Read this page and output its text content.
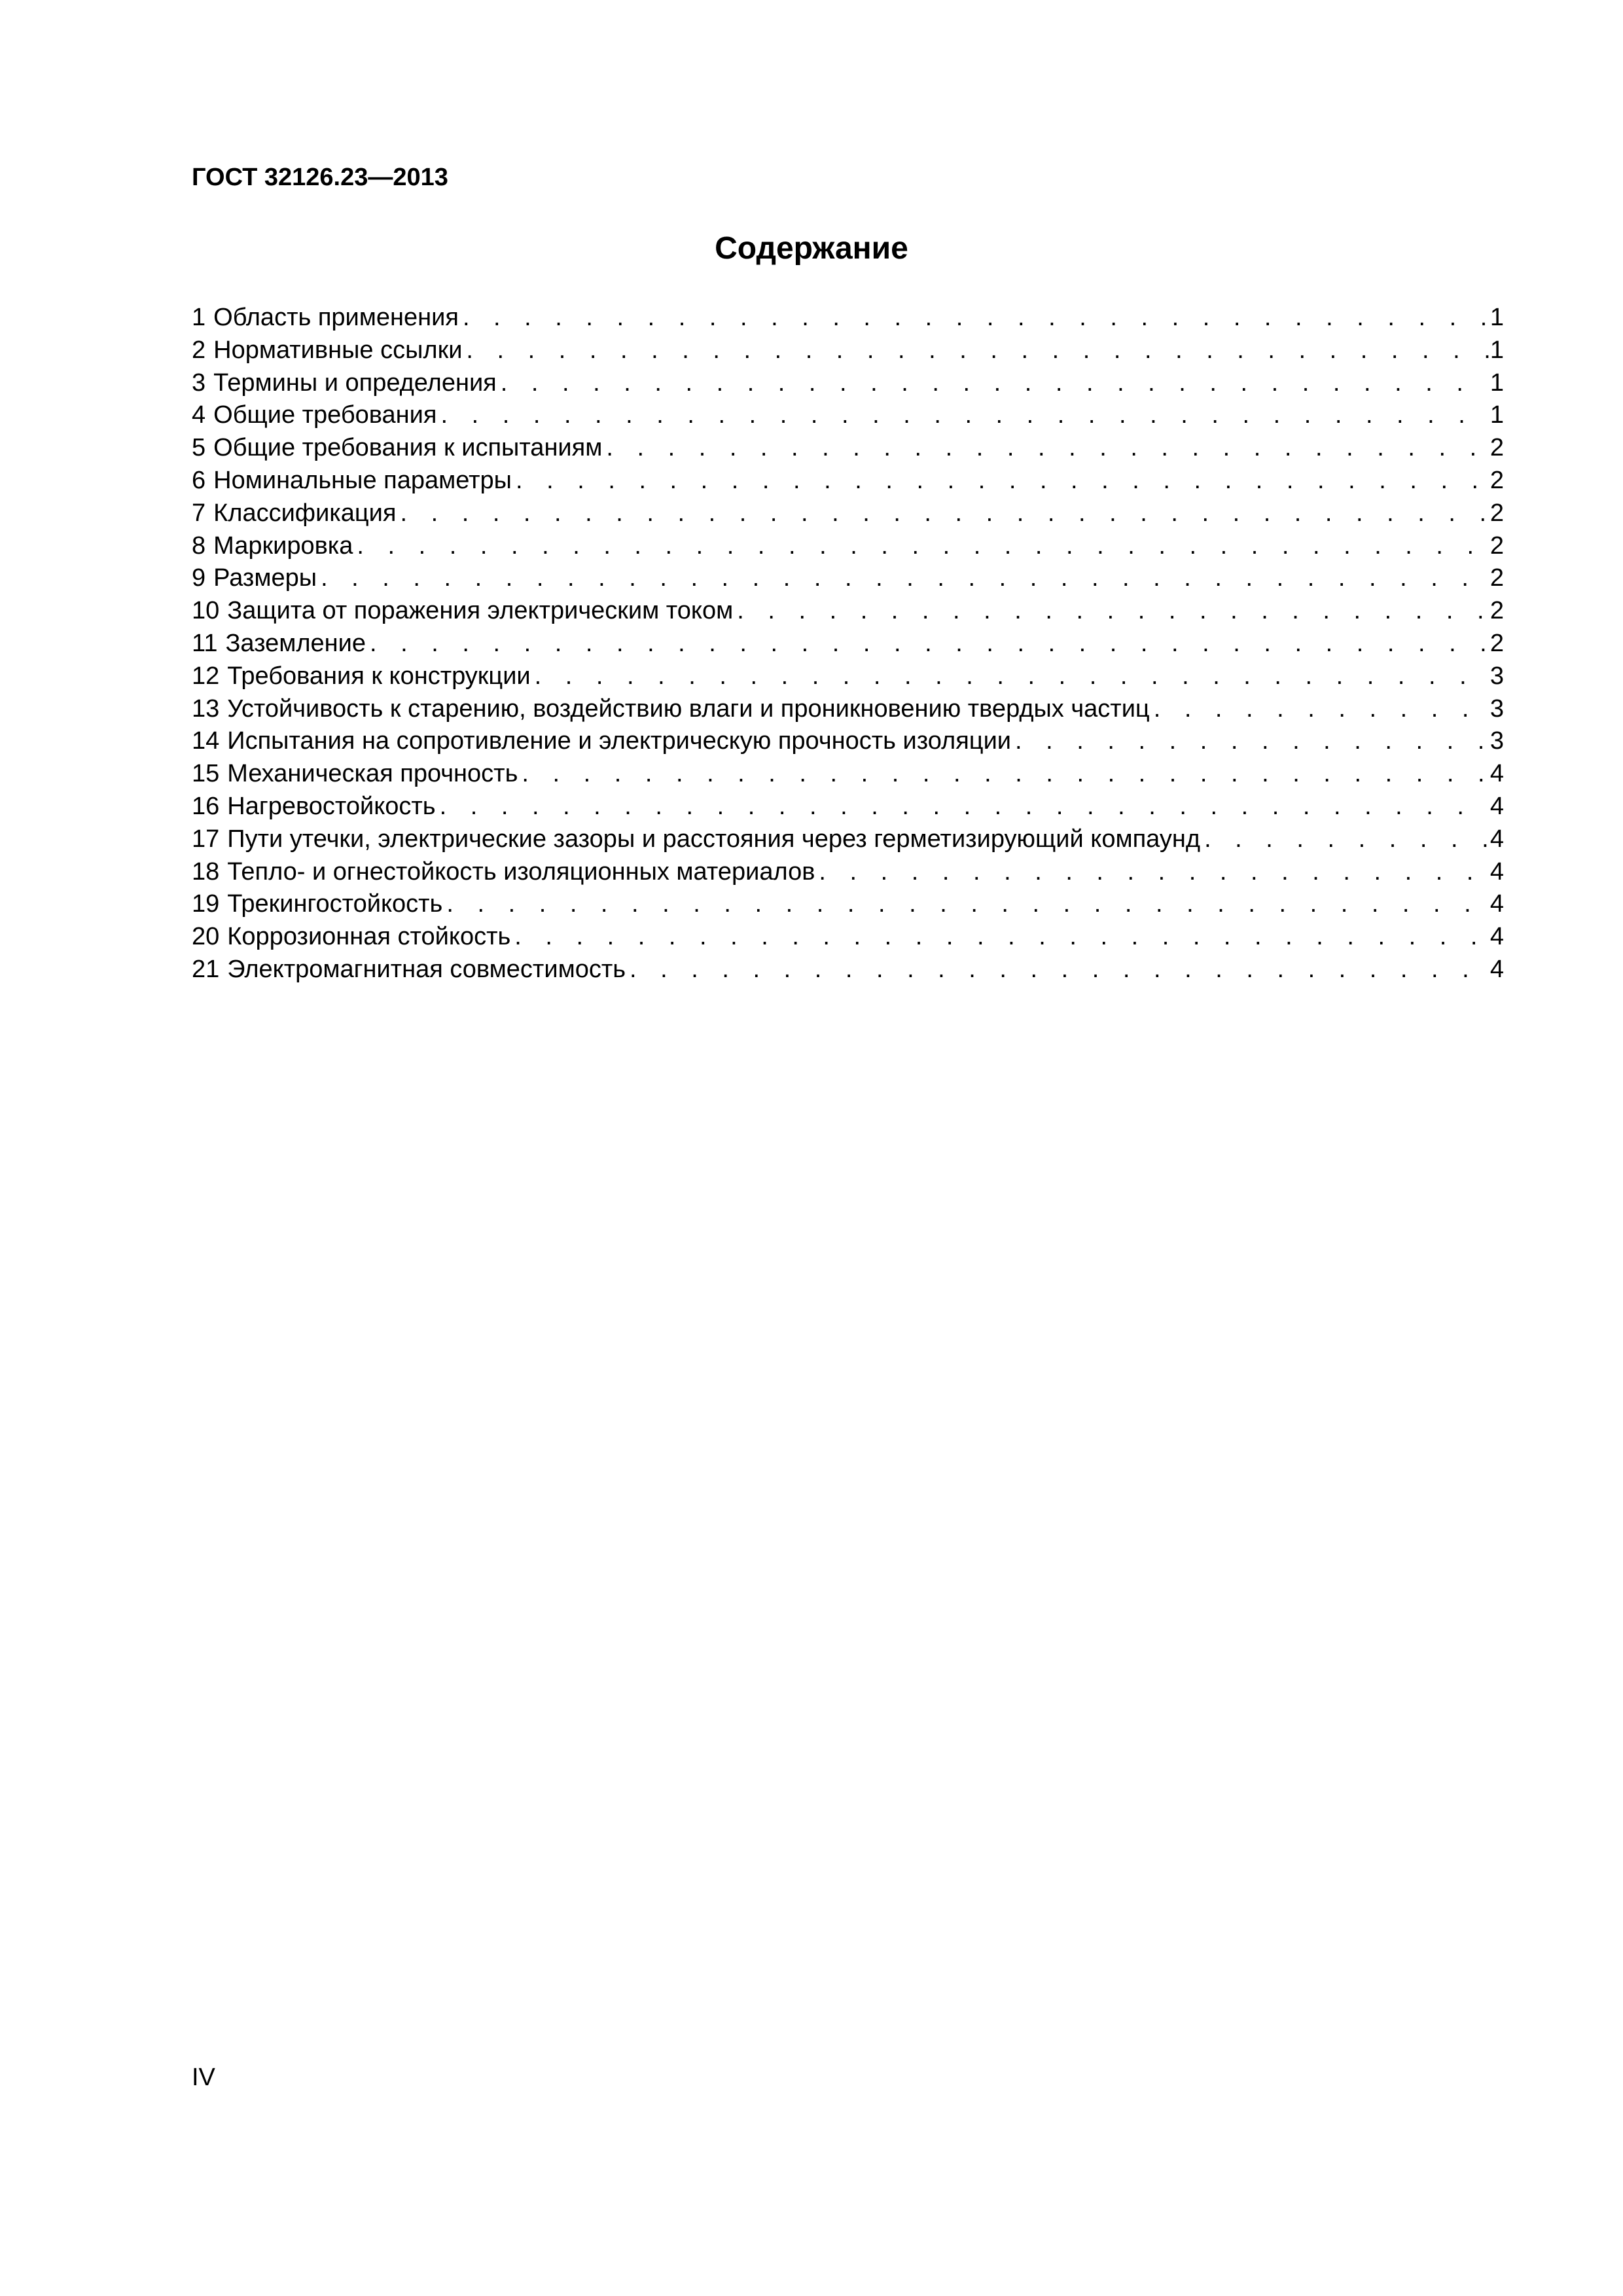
ГОСТ 32126.23—2013
Содержание
1 Область применения . . .	1
2 Нормативные ссылки . . .	1
3 Термины и определения . . .	1
4 Общие требования . . .	1
5 Общие требования к испытаниям . . .	2
6 Номинальные параметры . . .	2
7 Классификация . . .	2
8 Маркировка . . .	2
9 Размеры . . .	2
10 Защита от поражения электрическим током . . .	2
11 Заземление . . .	2
12 Требования к конструкции . . .	3
13 Устойчивость к старению, воздействию влаги и проникновению твердых частиц . . .	3
14 Испытания на сопротивление и электрическую прочность изоляции . . .	3
15 Механическая прочность . . .	4
16 Нагревостойкость . . .	4
17 Пути утечки, электрические зазоры и расстояния через герметизирующий компаунд . . .	4
18 Тепло- и огнестойкость изоляционных материалов . . .	4
19 Трекингостойкость . . .	4
20 Коррозионная стойкость . . .	4
21 Электромагнитная совместимость . . .	4
IV
